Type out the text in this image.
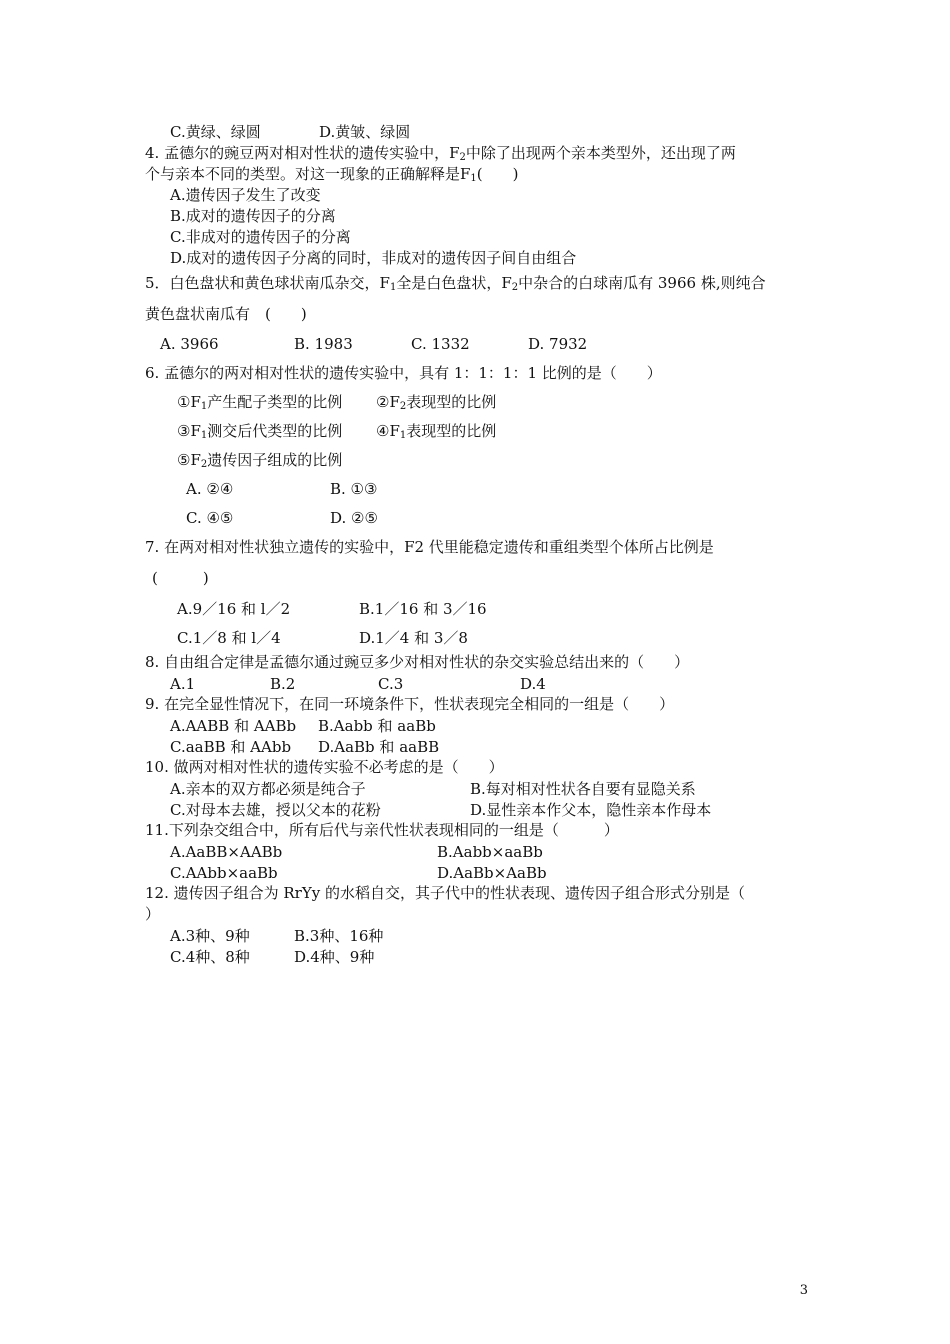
C.黄绿、绿圆	D.黄皱、绿圆
4. 孟德尔的豌豆两对相对性状的遗传实验中，$F_2$中除了出现两个亲本类型外，还出现了两
个与亲本不同的类型。对这一现象的正确解释是$F_1$(　　)
A.遗传因子发生了改变
B.成对的遗传因子的分离
C.非成对的遗传因子的分离
D.成对的遗传因子分离的同时，非成对的遗传因子间自由组合
5．白色盘状和黄色球状南瓜杂交，$F_1$全是白色盘状，$F_2$中杂合的白球南瓜有 3966 株,则纯合
黄色盘状南瓜有　(　　)
A. 3966	B. 1983	C. 1332	D. 7932
6. 孟德尔的两对相对性状的遗传实验中，具有 1：1：1：1 比例的是（　　）
$①F_1$产生配子类型的比例 $②F_2$表现型的比例
$③F_1$测交后代类型的比例 $④F_1$表现型的比例
$⑤F_2$遗传因子组成的比例
A. ②④	B. ①③
C. ④⑤	D. ②⑤
7. 在两对相对性状独立遗传的实验中，F2 代里能稳定遗传和重组类型个体所占比例是
(　　　)
A.9／16 和 l／2	B.1／16 和 3／16
C.1／8 和 l／4	D.1／4 和 3／8
8. 自由组合定律是孟德尔通过豌豆多少对相对性状的杂交实验总结出来的（　　）
A.1	B.2	C.3	D.4
9. 在完全显性情况下，在同一环境条件下，性状表现完全相同的一组是（　　）
A.AABB 和 AABb B.Aabb 和 aaBb
C.aaBB 和 AAbb D.AaBb 和 aaBB
10. 做两对相对性状的遗传实验不必考虑的是（　　）
A.亲本的双方都必须是纯合子	B.每对相对性状各自要有显隐关系
C.对母本去雄，授以父本的花粉	D.显性亲本作父本，隐性亲本作母本
11.下列杂交组合中，所有后代与亲代性状表现相同的一组是（　　　）
A.AaBB×AABb	B.Aabb×aaBb
C.AAbb×aaBb	D.AaBb×AaBb
12. 遗传因子组合为 RrYy 的水稻自交，其子代中的性状表现、遗传因子组合形式分别是（
）
A.3种、9种	B.3种、16种
C.4种、8种	D.4种、9种
3
